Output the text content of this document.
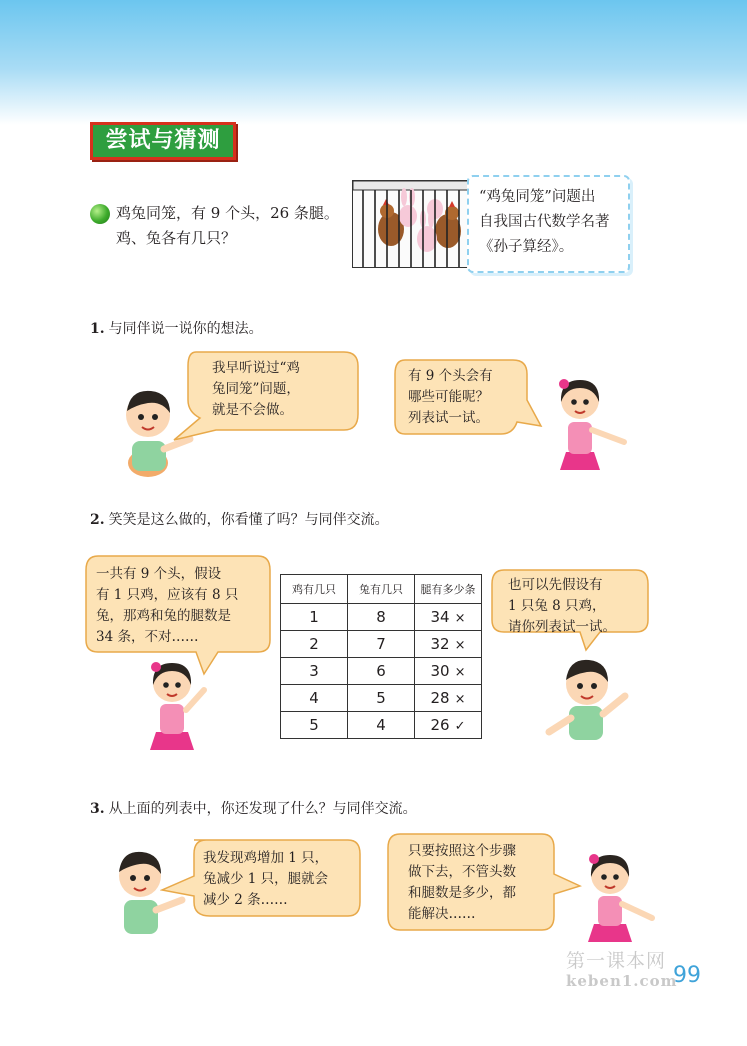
尝试与猜测
鸡兔同笼，有 9 个头，26 条腿。
鸡、兔各有几只？
“鸡兔同笼”问题出
自我国古代数学名著
《孙子算经》。
1. 与同伴说一说你的想法。
我早听说过“鸡
兔同笼”问题，
就是不会做。
有 9 个头会有
哪些可能呢？
列表试一试。
2. 笑笑是这么做的，你看懂了吗？与同伴交流。
一共有 9 个头，假设
有 1 只鸡，应该有 8 只
兔，那鸡和兔的腿数是
34 条，不对……
鸡有几只	兔有几只	腿有多少条
1	8	34 ×
2	7	32 ×
3	6	30 ×
4	5	28 ×
5	4	26 ✓
也可以先假设有
1 只兔 8 只鸡，
请你列表试一试。
3. 从上面的列表中，你还发现了什么？与同伴交流。
我发现鸡增加 1 只，
兔减少 1 只，腿就会
减少 2 条……
只要按照这个步骤
做下去，不管头数
和腿数是多少，都
能解决……
第一课本网
keben1.com
99
